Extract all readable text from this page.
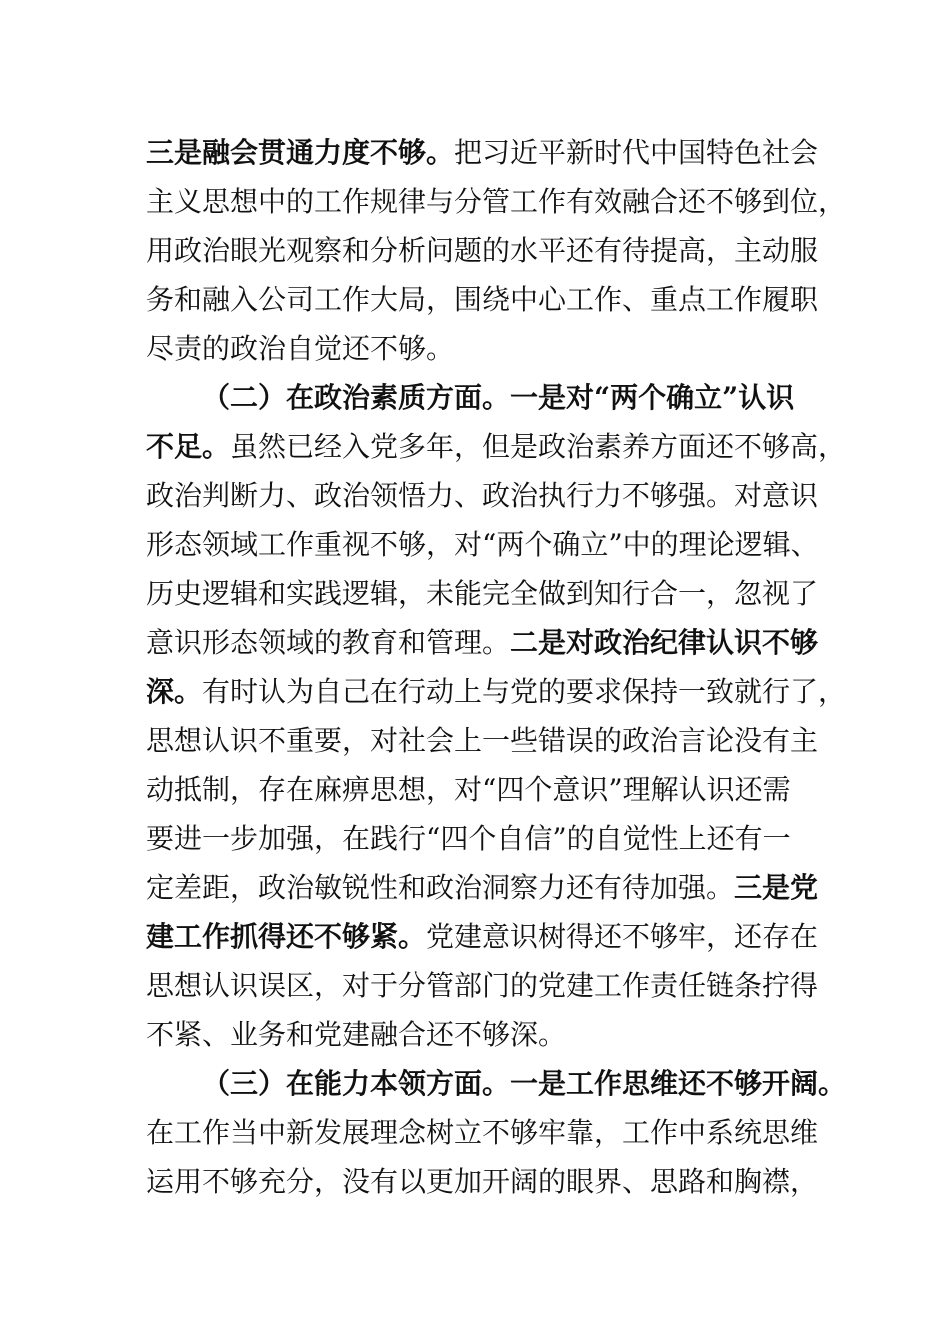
三是融会贯通力度不够。把习近平新时代中国特色社会
主义思想中的工作规律与分管工作有效融合还不够到位，
用政治眼光观察和分析问题的水平还有待提高，主动服
务和融入公司工作大局，围绕中心工作、重点工作履职
尽责的政治自觉还不够。
（二）在政治素质方面。一是对“两个确立”认识
不足。虽然已经入党多年，但是政治素养方面还不够高，
政治判断力、政治领悟力、政治执行力不够强。对意识
形态领域工作重视不够，对“两个确立”中的理论逻辑、
历史逻辑和实践逻辑，未能完全做到知行合一，忽视了
意识形态领域的教育和管理。二是对政治纪律认识不够
深。有时认为自己在行动上与党的要求保持一致就行了，
思想认识不重要，对社会上一些错误的政治言论没有主
动抵制，存在麻痹思想，对“四个意识”理解认识还需
要进一步加强，在践行“四个自信”的自觉性上还有一
定差距，政治敏锐性和政治洞察力还有待加强。三是党
建工作抓得还不够紧。党建意识树得还不够牢，还存在
思想认识误区，对于分管部门的党建工作责任链条拧得
不紧、业务和党建融合还不够深。
（三）在能力本领方面。一是工作思维还不够开阔。
在工作当中新发展理念树立不够牢靠，工作中系统思维
运用不够充分，没有以更加开阔的眼界、思路和胸襟，
